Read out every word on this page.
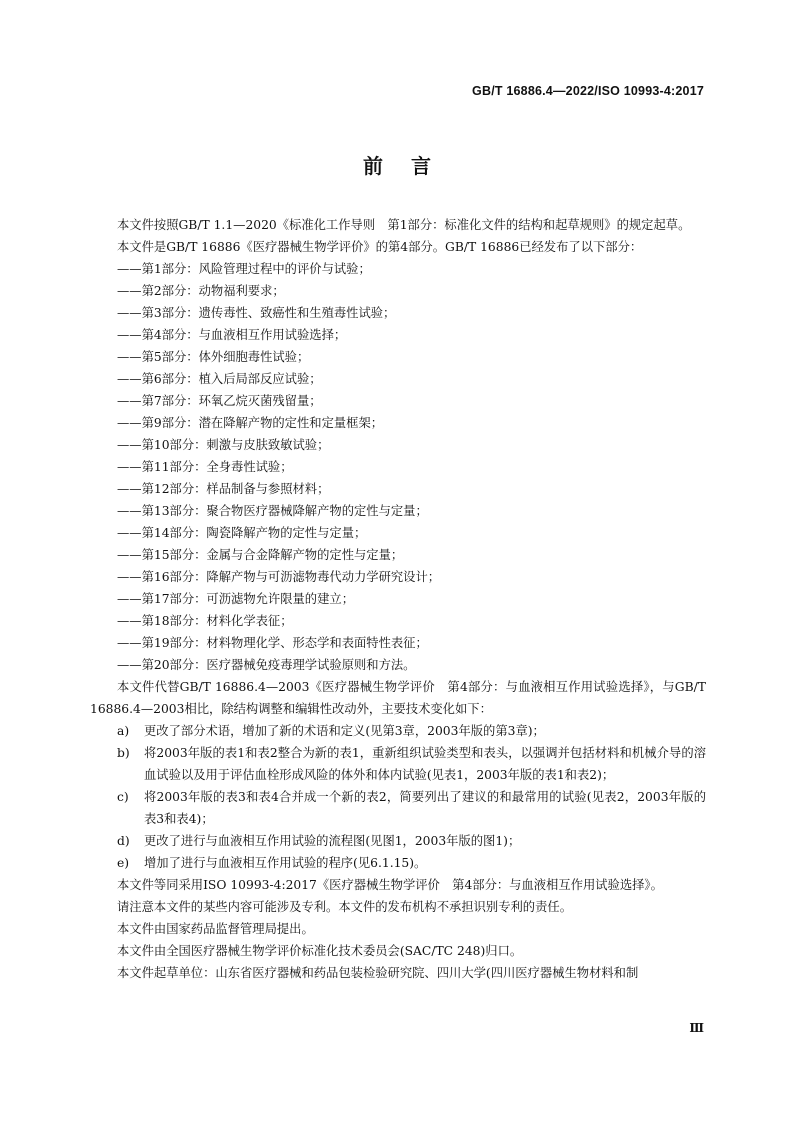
GB/T 16886.4—2022/ISO 10993-4:2017
前言

本文件按照GB/T 1.1—2020《标准化工作导则　第1部分：标准化文件的结构和起草规则》的规定起草。

本文件是GB/T 16886《医疗器械生物学评价》的第4部分。GB/T 16886已经发布了以下部分：

——第1部分：风险管理过程中的评价与试验；

——第2部分：动物福利要求；

——第3部分：遗传毒性、致癌性和生殖毒性试验；

——第4部分：与血液相互作用试验选择；

——第5部分：体外细胞毒性试验；

——第6部分：植入后局部反应试验；

——第7部分：环氧乙烷灭菌残留量；

——第9部分：潜在降解产物的定性和定量框架；

——第10部分：刺激与皮肤致敏试验；

——第11部分：全身毒性试验；

——第12部分：样品制备与参照材料；

——第13部分：聚合物医疗器械降解产物的定性与定量；

——第14部分：陶瓷降解产物的定性与定量；

——第15部分：金属与合金降解产物的定性与定量；

——第16部分：降解产物与可沥滤物毒代动力学研究设计；

——第17部分：可沥滤物允许限量的建立；

——第18部分：材料化学表征；

——第19部分：材料物理化学、形态学和表面特性表征；

——第20部分：医疗器械免疫毒理学试验原则和方法。

本文件代替GB/T 16886.4—2003《医疗器械生物学评价　第4部分：与血液相互作用试验选择》，与GB/T 16886.4—2003相比，除结构调整和编辑性改动外，主要技术变化如下：

a) 更改了部分术语，增加了新的术语和定义(见第3章，2003年版的第3章)；

b) 将2003年版的表1和表2整合为新的表1，重新组织试验类型和表头，以强调并包括材料和机械介导的溶血试验以及用于评估血栓形成风险的体外和体内试验(见表1，2003年版的表1和表2)；

c) 将2003年版的表3和表4合并成一个新的表2，简要列出了建议的和最常用的试验(见表2，2003年版的表3和表4)；

d) 更改了进行与血液相互作用试验的流程图(见图1，2003年版的图1)；

e) 增加了进行与血液相互作用试验的程序(见6.1.15)。

本文件等同采用ISO 10993-4:2017《医疗器械生物学评价　第4部分：与血液相互作用试验选择》。

请注意本文件的某些内容可能涉及专利。本文件的发布机构不承担识别专利的责任。

本文件由国家药品监督管理局提出。

本文件由全国医疗器械生物学评价标准化技术委员会(SAC/TC 248)归口。

本文件起草单位：山东省医疗器械和药品包装检验研究院、四川大学(四川医疗器械生物材料和制

Ⅲ
